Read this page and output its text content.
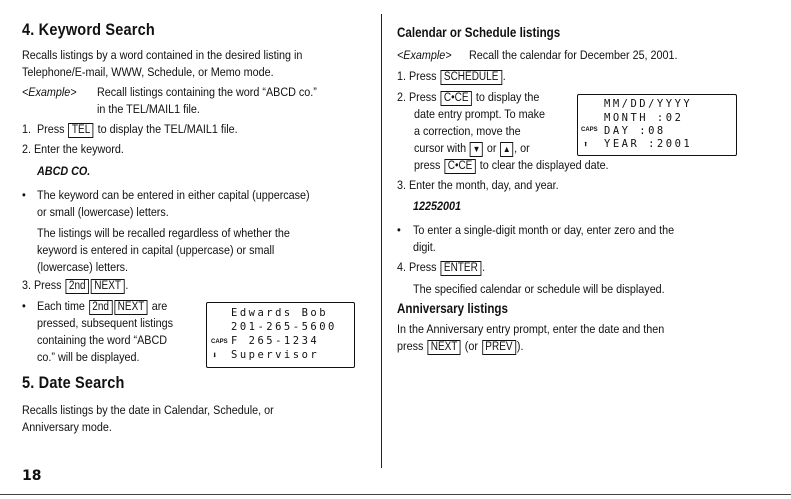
4. Keyword Search
Recalls listings by a word contained in the desired listing in
Telephone/E-mail, WWW, Schedule, or Memo mode.
<Example> Recall listings containing the word “ABCD co.”
in the TEL/MAIL1 file.
1. Press TEL to display the TEL/MAIL1 file.
2. Enter the keyword.
ABCD CO.
• The keyword can be entered in either capital (uppercase)
or small (lowercase) letters.
The listings will be recalled regardless of whether the
keyword is entered in capital (uppercase) or small
(lowercase) letters.
3. Press 2nd NEXT .
• Each time 2nd NEXT are
pressed, subsequent listings
containing the word “ABCD
co.” will be displayed.
5. Date Search
Recalls listings by the date in Calendar, Schedule, or
Anniversary mode.
Edwards Bob
201-265-5600
CAPS F 265-1234
⬇ Supervisor
Calendar or Schedule listings
<Example> Recall the calendar for December 25, 2001.
1. Press SCHEDULE .
2. Press C•CE to display the
date entry prompt. To make
a correction, move the
cursor with ▼ or ▲ , or
press C•CE to clear the displayed date.
3. Enter the month, day, and year.
12252001
• To enter a single-digit month or day, enter zero and the
digit.
4. Press ENTER .
The specified calendar or schedule will be displayed.
Anniversary listings
In the Anniversary entry prompt, enter the date and then
press NEXT (or PREV ).
MM/DD/YYYY
MONTH :02
CAPS DAY :08
⬆ YEAR :2001
18
